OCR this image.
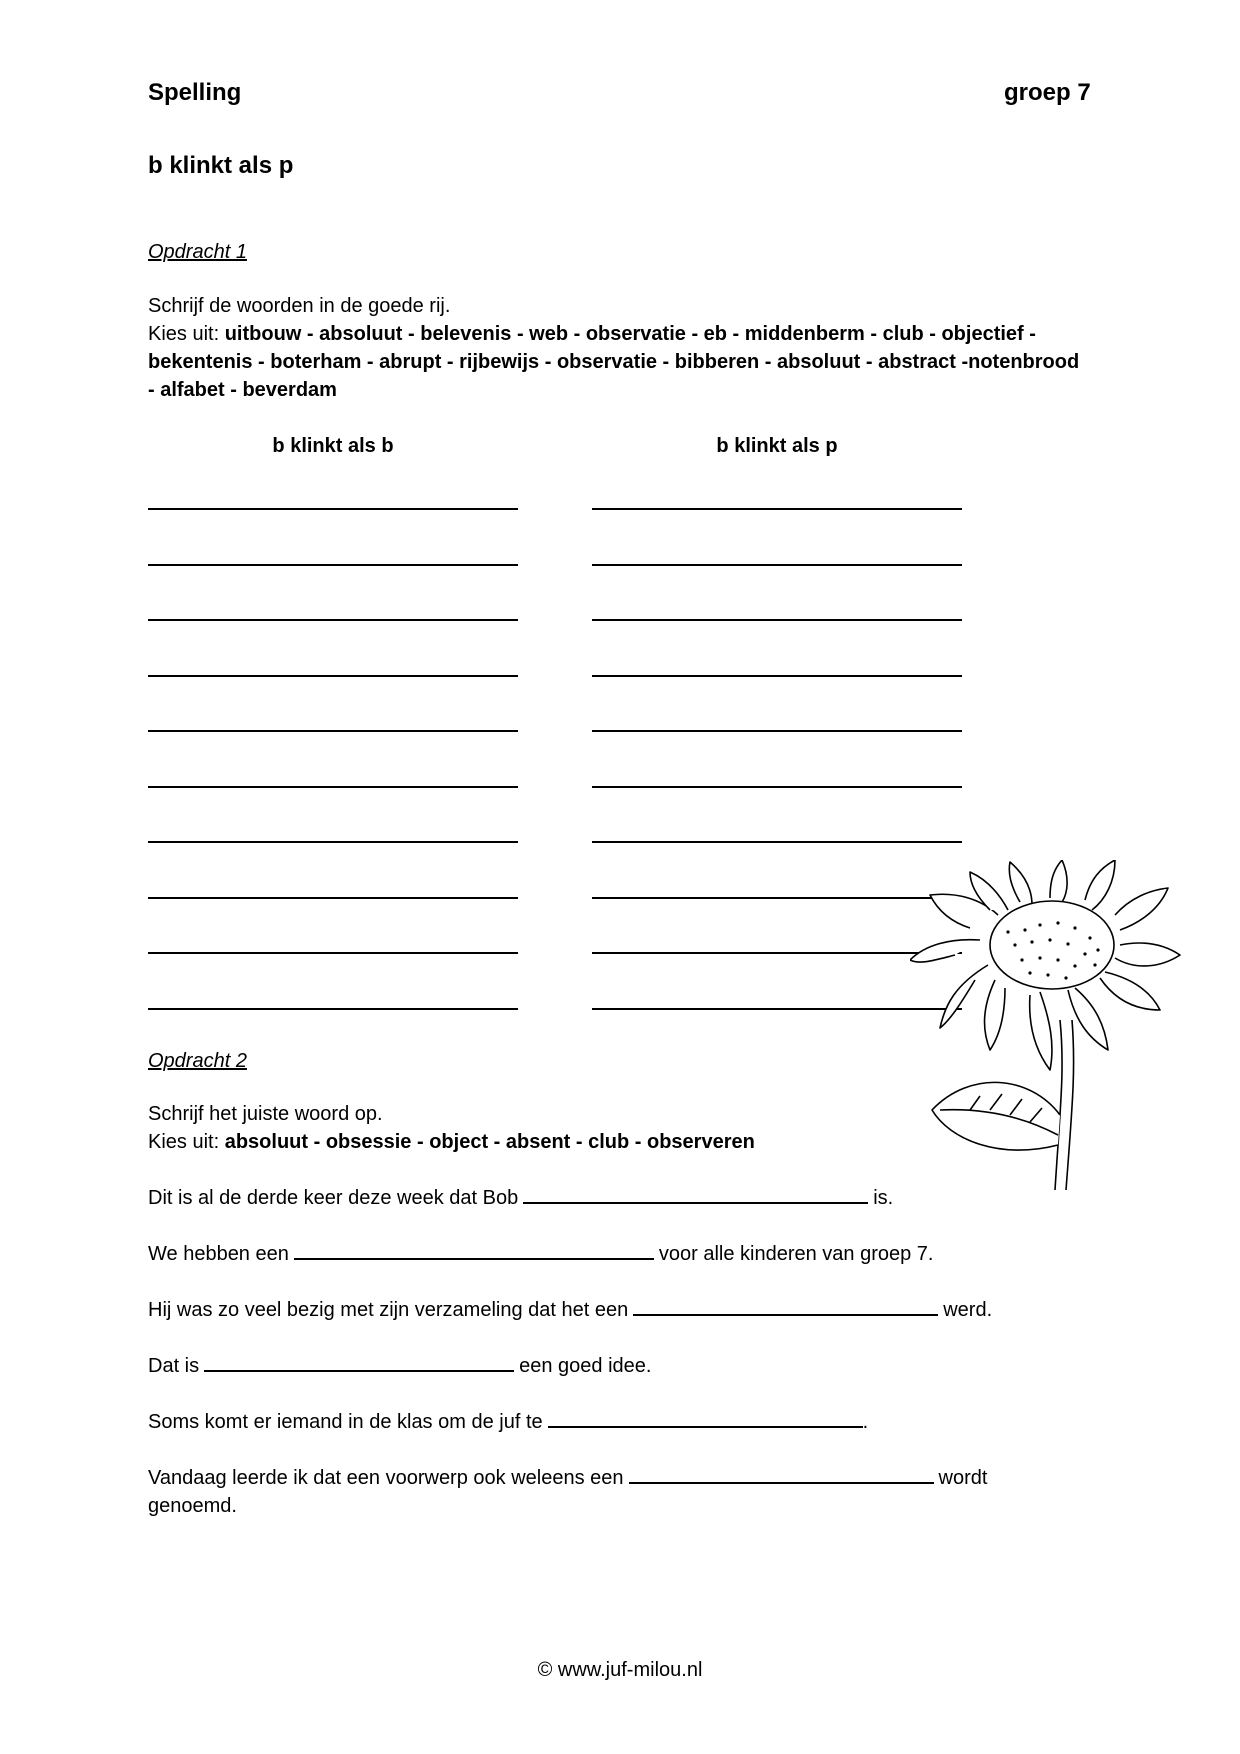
Spelling	groep 7
b klinkt als p
Opdracht 1
Schrijf de woorden in de goede rij.
Kies uit: uitbouw - absoluut - belevenis - web - observatie - eb - middenberm - club - objectief -
bekentenis - boterham - abrupt - rijbewijs - observatie - bibberen - absoluut - abstract -notenbrood
- alfabet - beverdam
b klinkt als b	b klinkt als p
Opdracht 2
Schrijf het juiste woord op.
Kies uit: absoluut - obsessie - object - absent - club - observeren
Dit is al de derde keer deze week dat Bob	is.
We hebben een	voor alle kinderen van groep 7.
Hij was zo veel bezig met zijn verzameling dat het een	werd.
Dat is	een goed idee.
Soms komt er iemand in de klas om de juf te	.
Vandaag leerde ik dat een voorwerp ook weleens een	wordt
genoemd.
© www.juf-milou.nl
